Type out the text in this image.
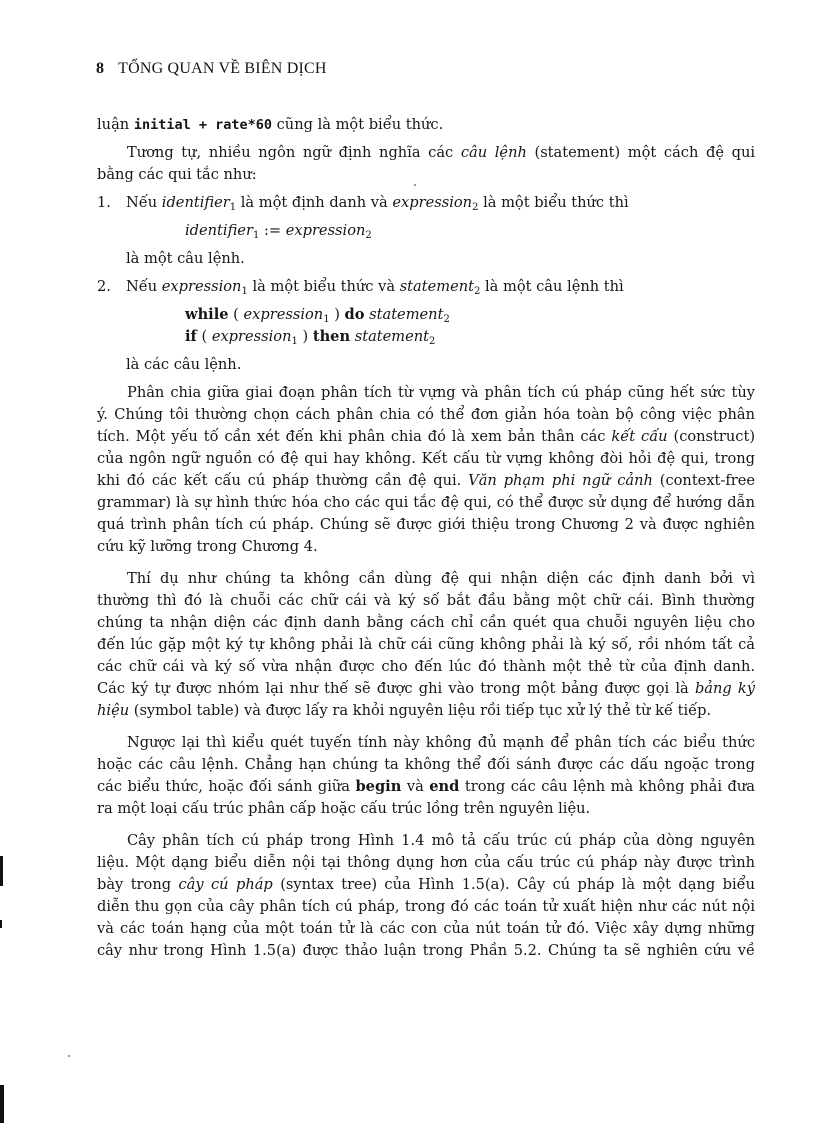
8 TỔNG QUAN VỀ BIÊN DỊCH
luận initial + rate*60 cũng là một biểu thức.
Tương tự, nhiều ngôn ngữ định nghĩa các câu lệnh (statement) một cách đệ qui
bằng các qui tắc như:
1. Nếu identifier$_1$ là một định danh và expression$_2$ là một biểu thức thì
identifier$_1$ := expression$_2$
là một câu lệnh.
2. Nếu expression$_1$ là một biểu thức và statement$_2$ là một câu lệnh thì
while ( expression$_1$ ) do statement$_2$
if ( expression$_1$ ) then statement$_2$
là các câu lệnh.
Phân chia giữa giai đoạn phân tích từ vựng và phân tích cú pháp cũng hết sức tùy
ý. Chúng tôi thường chọn cách phân chia có thể đơn giản hóa toàn bộ công việc phân
tích. Một yếu tố cần xét đến khi phân chia đó là xem bản thân các kết cấu (construct)
của ngôn ngữ nguồn có đệ qui hay không. Kết cấu từ vựng không đòi hỏi đệ qui, trong
khi đó các kết cấu cú pháp thường cần đệ qui. Văn phạm phi ngữ cảnh (context-free
grammar) là sự hình thức hóa cho các qui tắc đệ qui, có thể được sử dụng để hướng dẫn
quá trình phân tích cú pháp. Chúng sẽ được giới thiệu trong Chương 2 và được nghiên
cứu kỹ lưỡng trong Chương 4.
Thí dụ như chúng ta không cần dùng đệ qui nhận diện các định danh bởi vì
thường thì đó là chuỗi các chữ cái và ký số bắt đầu bằng một chữ cái. Bình thường
chúng ta nhận diện các định danh bằng cách chỉ cần quét qua chuỗi nguyên liệu cho
đến lúc gặp một ký tự không phải là chữ cái cũng không phải là ký số, rồi nhóm tất cả
các chữ cái và ký số vừa nhận được cho đến lúc đó thành một thẻ từ của định danh.
Các ký tự được nhóm lại như thế sẽ được ghi vào trong một bảng được gọi là bảng ký
hiệu (symbol table) và được lấy ra khỏi nguyên liệu rồi tiếp tục xử lý thẻ từ kế tiếp.
Ngược lại thì kiểu quét tuyến tính này không đủ mạnh để phân tích các biểu thức
hoặc các câu lệnh. Chẳng hạn chúng ta không thể đối sánh được các dấu ngoặc trong
các biểu thức, hoặc đối sánh giữa begin và end trong các câu lệnh mà không phải đưa
ra một loại cấu trúc phân cấp hoặc cấu trúc lồng trên nguyên liệu.
Cây phân tích cú pháp trong Hình 1.4 mô tả cấu trúc cú pháp của dòng nguyên
liệu. Một dạng biểu diễn nội tại thông dụng hơn của cấu trúc cú pháp này được trình
bày trong cây cú pháp (syntax tree) của Hình 1.5(a). Cây cú pháp là một dạng biểu
diễn thu gọn của cây phân tích cú pháp, trong đó các toán tử xuất hiện như các nút nội
và các toán hạng của một toán tử là các con của nút toán tử đó. Việc xây dựng những
cây như trong Hình 1.5(a) được thảo luận trong Phần 5.2. Chúng ta sẽ nghiên cứu về
